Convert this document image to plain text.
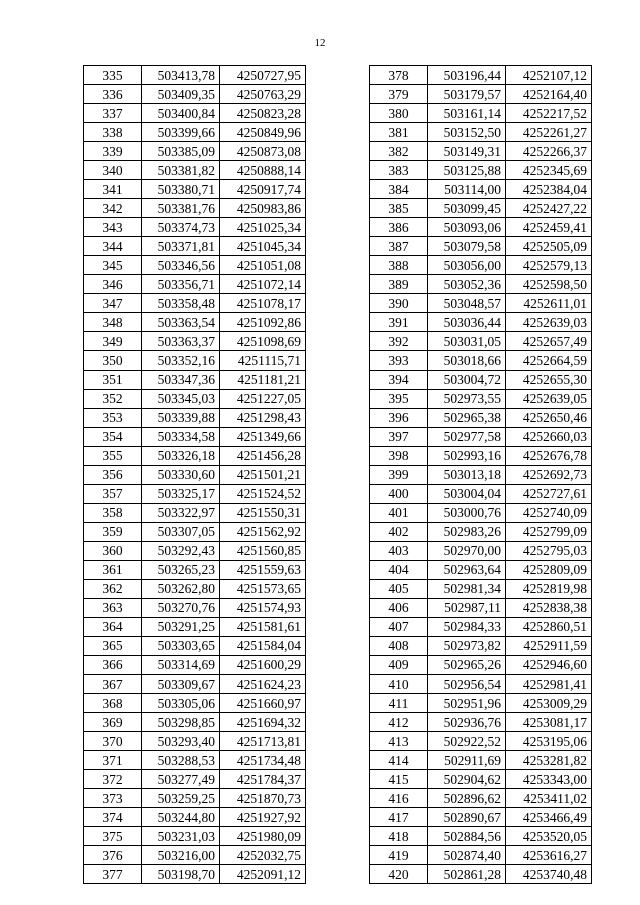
12
335	503413,78	4250727,95
336	503409,35	4250763,29
337	503400,84	4250823,28
338	503399,66	4250849,96
339	503385,09	4250873,08
340	503381,82	4250888,14
341	503380,71	4250917,74
342	503381,76	4250983,86
343	503374,73	4251025,34
344	503371,81	4251045,34
345	503346,56	4251051,08
346	503356,71	4251072,14
347	503358,48	4251078,17
348	503363,54	4251092,86
349	503363,37	4251098,69
350	503352,16	4251115,71
351	503347,36	4251181,21
352	503345,03	4251227,05
353	503339,88	4251298,43
354	503334,58	4251349,66
355	503326,18	4251456,28
356	503330,60	4251501,21
357	503325,17	4251524,52
358	503322,97	4251550,31
359	503307,05	4251562,92
360	503292,43	4251560,85
361	503265,23	4251559,63
362	503262,80	4251573,65
363	503270,76	4251574,93
364	503291,25	4251581,61
365	503303,65	4251584,04
366	503314,69	4251600,29
367	503309,67	4251624,23
368	503305,06	4251660,97
369	503298,85	4251694,32
370	503293,40	4251713,81
371	503288,53	4251734,48
372	503277,49	4251784,37
373	503259,25	4251870,73
374	503244,80	4251927,92
375	503231,03	4251980,09
376	503216,00	4252032,75
377	503198,70	4252091,12
378	503196,44	4252107,12
379	503179,57	4252164,40
380	503161,14	4252217,52
381	503152,50	4252261,27
382	503149,31	4252266,37
383	503125,88	4252345,69
384	503114,00	4252384,04
385	503099,45	4252427,22
386	503093,06	4252459,41
387	503079,58	4252505,09
388	503056,00	4252579,13
389	503052,36	4252598,50
390	503048,57	4252611,01
391	503036,44	4252639,03
392	503031,05	4252657,49
393	503018,66	4252664,59
394	503004,72	4252655,30
395	502973,55	4252639,05
396	502965,38	4252650,46
397	502977,58	4252660,03
398	502993,16	4252676,78
399	503013,18	4252692,73
400	503004,04	4252727,61
401	503000,76	4252740,09
402	502983,26	4252799,09
403	502970,00	4252795,03
404	502963,64	4252809,09
405	502981,34	4252819,98
406	502987,11	4252838,38
407	502984,33	4252860,51
408	502973,82	4252911,59
409	502965,26	4252946,60
410	502956,54	4252981,41
411	502951,96	4253009,29
412	502936,76	4253081,17
413	502922,52	4253195,06
414	502911,69	4253281,82
415	502904,62	4253343,00
416	502896,62	4253411,02
417	502890,67	4253466,49
418	502884,56	4253520,05
419	502874,40	4253616,27
420	502861,28	4253740,48
